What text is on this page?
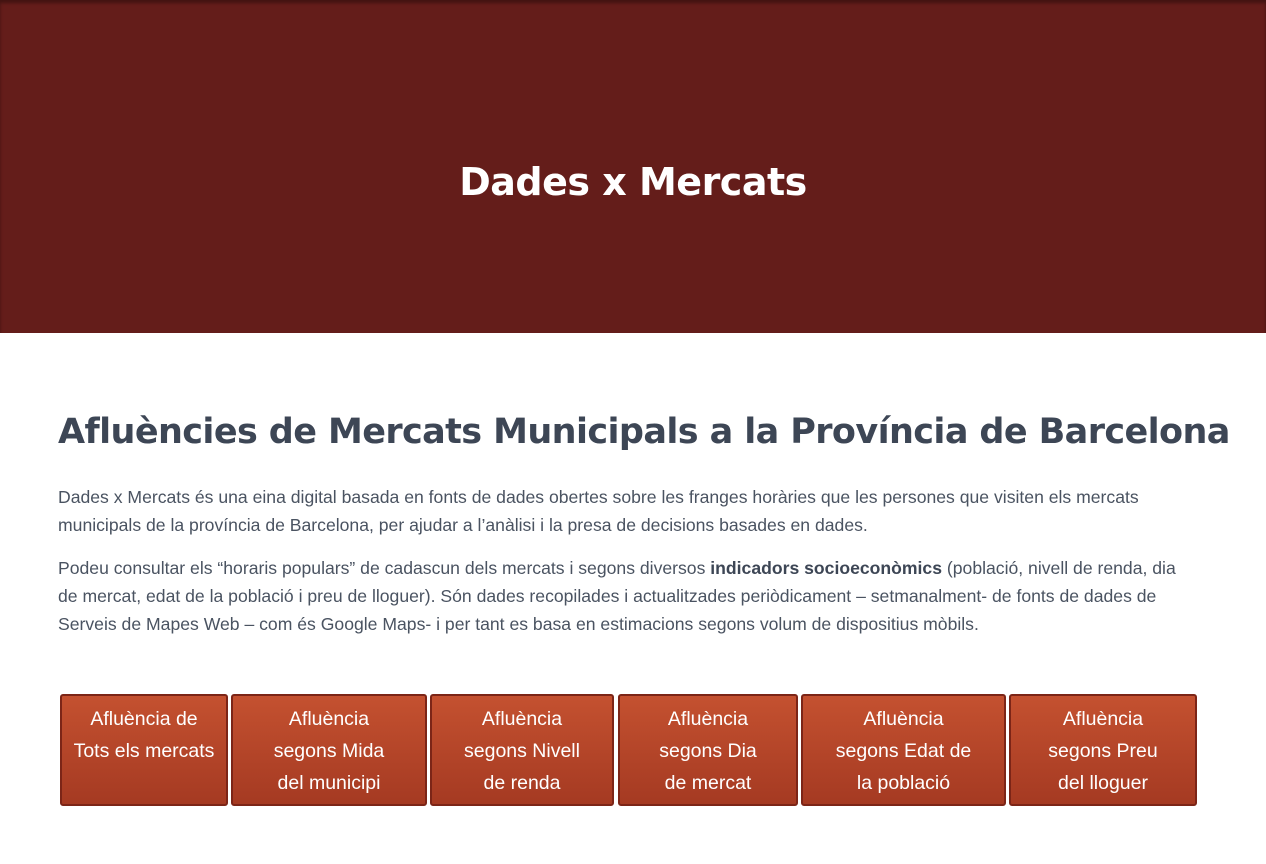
Dades x Mercats
Afluències de Mercats Municipals a la Província de Barcelona

Dades x Mercats és una eina digital basada en fonts de dades obertes sobre les franges horàries que les persones que visiten els mercats municipals de la província de Barcelona, per ajudar a l’anàlisi i la presa de decisions basades en dades.

Podeu consultar els “horaris populars” de cadascun dels mercats i segons diversos indicadors socioeconòmics (població, nivell de renda, dia de mercat, edat de la població i preu de lloguer). Són dades recopilades i actualitzades periòdicament – setmanalment- de fonts de dades de Serveis de Mapes Web – com és Google Maps- i per tant es basa en estimacions segons volum de dispositius mòbils.

Afluència de Tots els mercats
Afluència segons Mida del municipi
Afluència segons Nivell de renda
Afluència segons Dia de mercat
Afluència segons Edat de la població
Afluència segons Preu del lloguer
